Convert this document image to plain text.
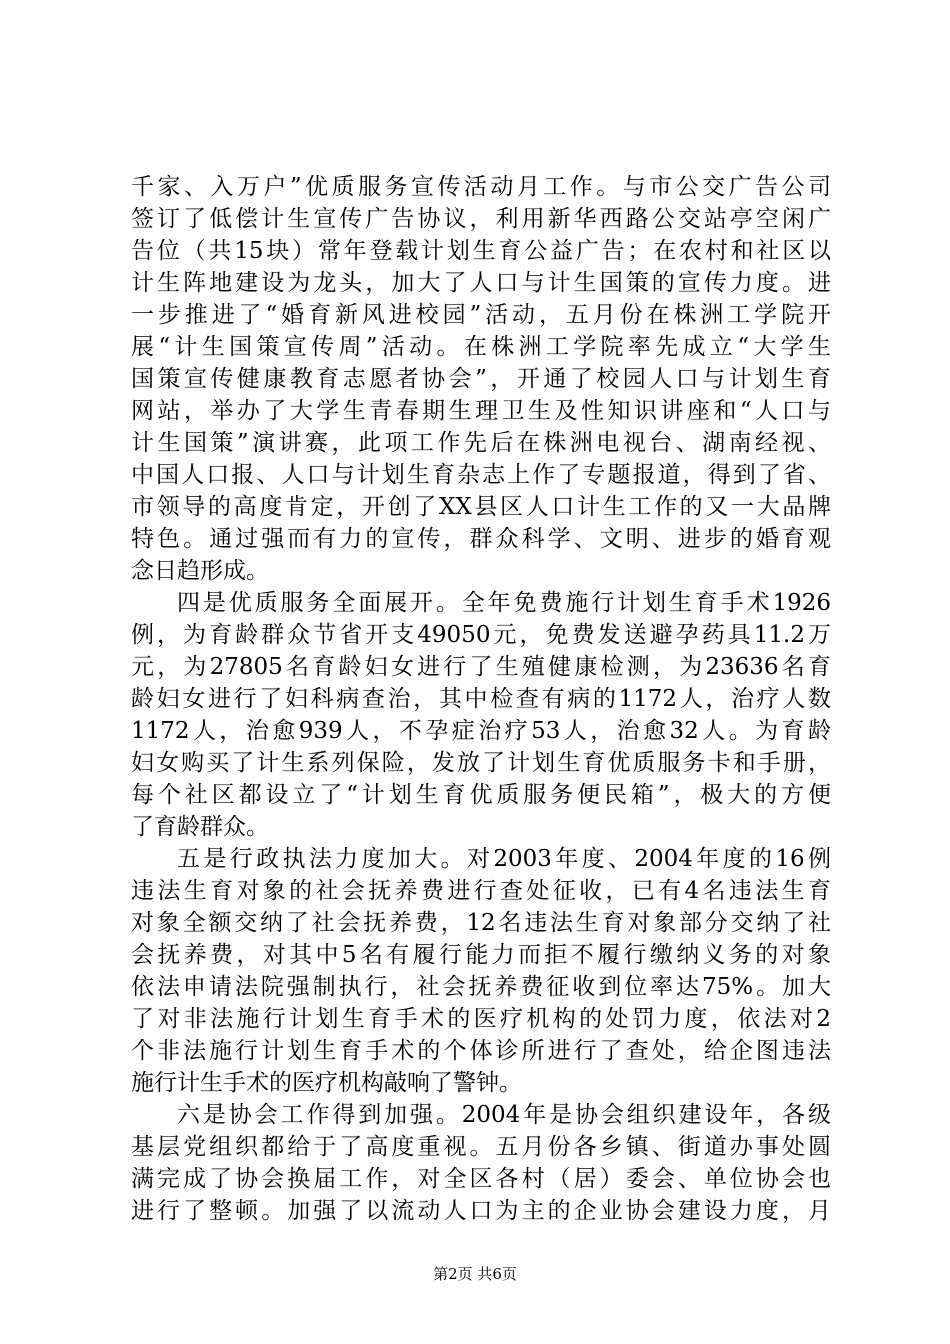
千家、入万户”优质服务宣传活动月工作。与市公交广告公司
签订了低偿计生宣传广告协议，利用新华西路公交站亭空闲广
告位（共15块）常年登载计划生育公益广告；在农村和社区以
计生阵地建设为龙头，加大了人口与计生国策的宣传力度。进
一步推进了“婚育新风进校园”活动，五月份在株洲工学院开
展“计生国策宣传周”活动。在株洲工学院率先成立“大学生
国策宣传健康教育志愿者协会”，开通了校园人口与计划生育
网站，举办了大学生青春期生理卫生及性知识讲座和“人口与
计生国策”演讲赛，此项工作先后在株洲电视台、湖南经视、
中国人口报、人口与计划生育杂志上作了专题报道，得到了省、
市领导的高度肯定，开创了XX县区人口计生工作的又一大品牌
特色。通过强而有力的宣传，群众科学、文明、进步的婚育观
念日趋形成。
四是优质服务全面展开。全年免费施行计划生育手术1926
例，为育龄群众节省开支49050元，免费发送避孕药具11.2万
元，为27805名育龄妇女进行了生殖健康检测，为23636名育
龄妇女进行了妇科病查治，其中检查有病的1172人，治疗人数
1172人，治愈939人，不孕症治疗53人，治愈32人。为育龄
妇女购买了计生系列保险，发放了计划生育优质服务卡和手册，
每个社区都设立了“计划生育优质服务便民箱”，极大的方便
了育龄群众。
五是行政执法力度加大。对2003年度、2004年度的16例
违法生育对象的社会抚养费进行查处征收，已有4名违法生育
对象全额交纳了社会抚养费，12名违法生育对象部分交纳了社
会抚养费，对其中5名有履行能力而拒不履行缴纳义务的对象
依法申请法院强制执行，社会抚养费征收到位率达75%。加大
了对非法施行计划生育手术的医疗机构的处罚力度，依法对2
个非法施行计划生育手术的个体诊所进行了查处，给企图违法
施行计生手术的医疗机构敲响了警钟。
六是协会工作得到加强。2004年是协会组织建设年，各级
基层党组织都给于了高度重视。五月份各乡镇、街道办事处圆
满完成了协会换届工作，对全区各村（居）委会、单位协会也
进行了整顿。加强了以流动人口为主的企业协会建设力度，月
第2页 共6页
